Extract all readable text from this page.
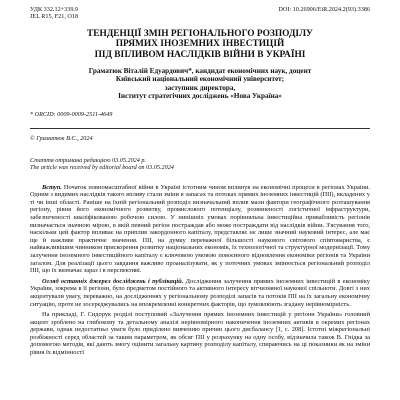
УДК 332.12+339.9
JEL R15, F21, O18
DOI: 10.26906/EiR.2024.2(93).3386
ТЕНДЕНЦІЇ ЗМІН РЕГІОНАЛЬНОГО РОЗПОДІЛУ
ПРЯМИХ ІНОЗЕМНИХ ІНВЕСТИЦІЙ
ПІД ВПЛИВОМ НАСЛІДКІВ ВІЙНИ В УКРАЇНІ
Граматюк Віталій Едуардович*, кандидат економічних наук, доцент
Київський національний економічний університет;
заступник директора,
Інститут стратегічних досліджень «Нова Україна»
* ORCID: 0009-0009-2511-4649
© Граматюк В.Є., 2024
Стаття отримана редакцією 03.05.2024 р.
The article was received by editorial board on 03.05.2024

Вступ. Початок повномасштабної війни в Україні істотним чином вплинув на економічні процеси в регіонах України. Одним з видимих наслідків такого впливу стали зміни в запасах та потоках прямих іноземних інвестицій (ПІІ), вкладених у ті чи інші області. Раніше на їхній регіональний розподіл визначальний вплив мали фактори географічного розташування регіону, рівня його економічного розвитку, промислового потенціалу, розвиненості логістичної інфраструктури, забезпеченості кваліфікованою робочою силою. У нинішніх умовах порівняльна інвестиційна привабливість регіонів визначається значною мірою, в якій певний регіон постраждав або може постраждати від наслідків війни. З'ясування того, наскільки цей фактор впливає на приплив закордонного капіталу, представляє не лише значний науковий інтерес, але має ще й важливе практичне значення. ПІІ, на думку переважної більшості наукового світового співтовариства, є найважливішим чинником прискорення розвитку національних економік, їх технологічної та структурної модернізації. Тому залучення іноземного інвестиційного капіталу є ключовою умовою повоєнного відновлення економіки регіонів та України загалом. Для реалізації цього завдання важливо проаналізувати, як у поточних умовах змінюється регіональний розподіл ПІІ, що їх визначає зараз і в перспективі.

Огляд останніх джерел досліджень і публікацій. Дослідження залучення прямих іноземних інвестицій в економіку України, зокрема в її регіони, було предметом постійного та активного інтересу вітчизняної наукової спільноти. Довгі з них акцентували увагу, переважно, на дослідженнях у регіональному розподілі запасів та потоків ПІІ на їх загальну економічну ситуацію, проте не зосереджувались на впокремленні конкретних факторів, що зумовлюють згадану нерівномірність.

На прикладі, Г. Сидорук розділі поступовий «Залучення прямих іноземних інвестицій у регіони України» головний акцент зроблено на глибокому та детальному аналізі нерівномірного накопичення іноземних активів в окремих регіонах держави, однак недостатньо уваги було приділено вивченню причин цього дисбалансу [1, с. 208]. Істотні міжрегіональні розбіжності серед областей за таким параметром, як обсяг ПІІ у розрахунку на одну особу, відзначила також В. Гнідка за допомогою методів, які дають змогу оцінити загальну картину розподілу капіталу, спираючись на ці показники як на зміни рівня їх відмінності
